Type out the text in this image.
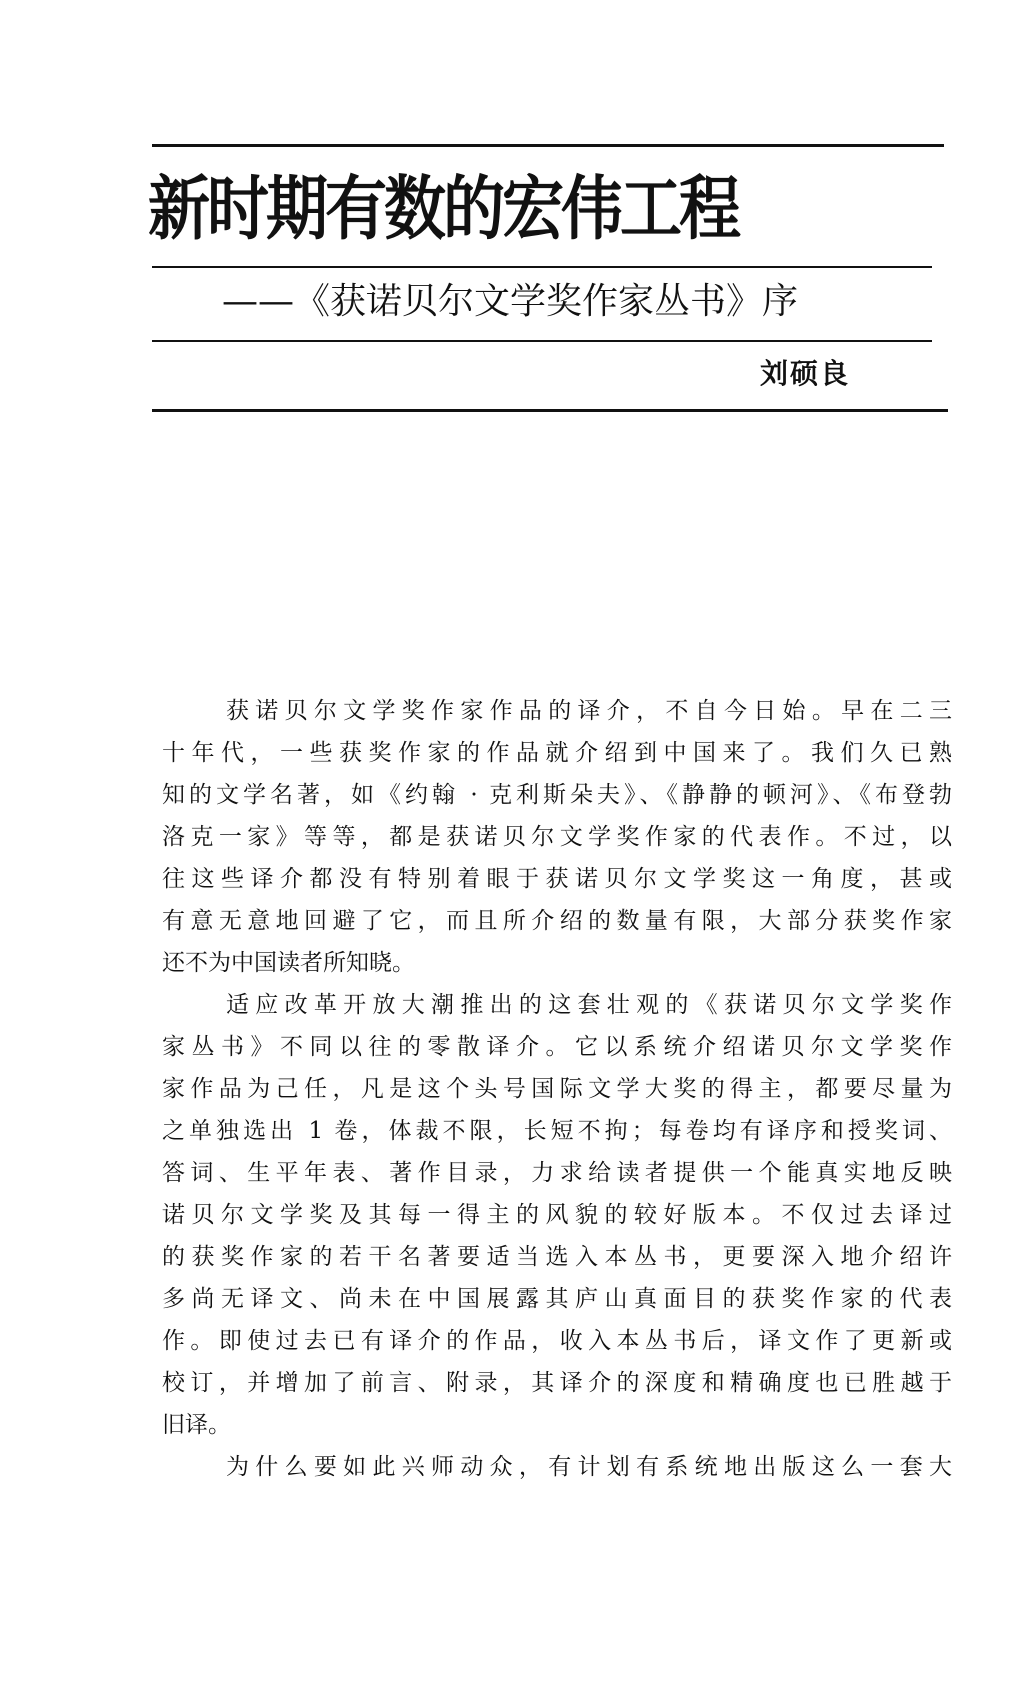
新时期有数的宏伟工程
——《获诺贝尔文学奖作家丛书》序
刘硕良
获诺贝尔文学奖作家作品的译介，不自今日始。早在二三
十年代，一些获奖作家的作品就介绍到中国来了。我们久已熟
知的文学名著，如《约翰 · 克利斯朵夫》、《静静的顿河》、《布登勃
洛克一家》等等，都是获诺贝尔文学奖作家的代表作。不过，以
往这些译介都没有特别着眼于获诺贝尔文学奖这一角度，甚或
有意无意地回避了它，而且所介绍的数量有限，大部分获奖作家
还不为中国读者所知晓。
适应改革开放大潮推出的这套壮观的《获诺贝尔文学奖作
家丛书》不同以往的零散译介。它以系统介绍诺贝尔文学奖作
家作品为己任，凡是这个头号国际文学大奖的得主，都要尽量为
之单独选出 1 卷，体裁不限，长短不拘；每卷均有译序和授奖词、
答词、生平年表、著作目录，力求给读者提供一个能真实地反映
诺贝尔文学奖及其每一得主的风貌的较好版本。不仅过去译过
的获奖作家的若干名著要适当选入本丛书，更要深入地介绍许
多尚无译文、尚未在中国展露其庐山真面目的获奖作家的代表
作。即使过去已有译介的作品，收入本丛书后，译文作了更新或
校订，并增加了前言、附录，其译介的深度和精确度也已胜越于
旧译。
为什么要如此兴师动众，有计划有系统地出版这么一套大
